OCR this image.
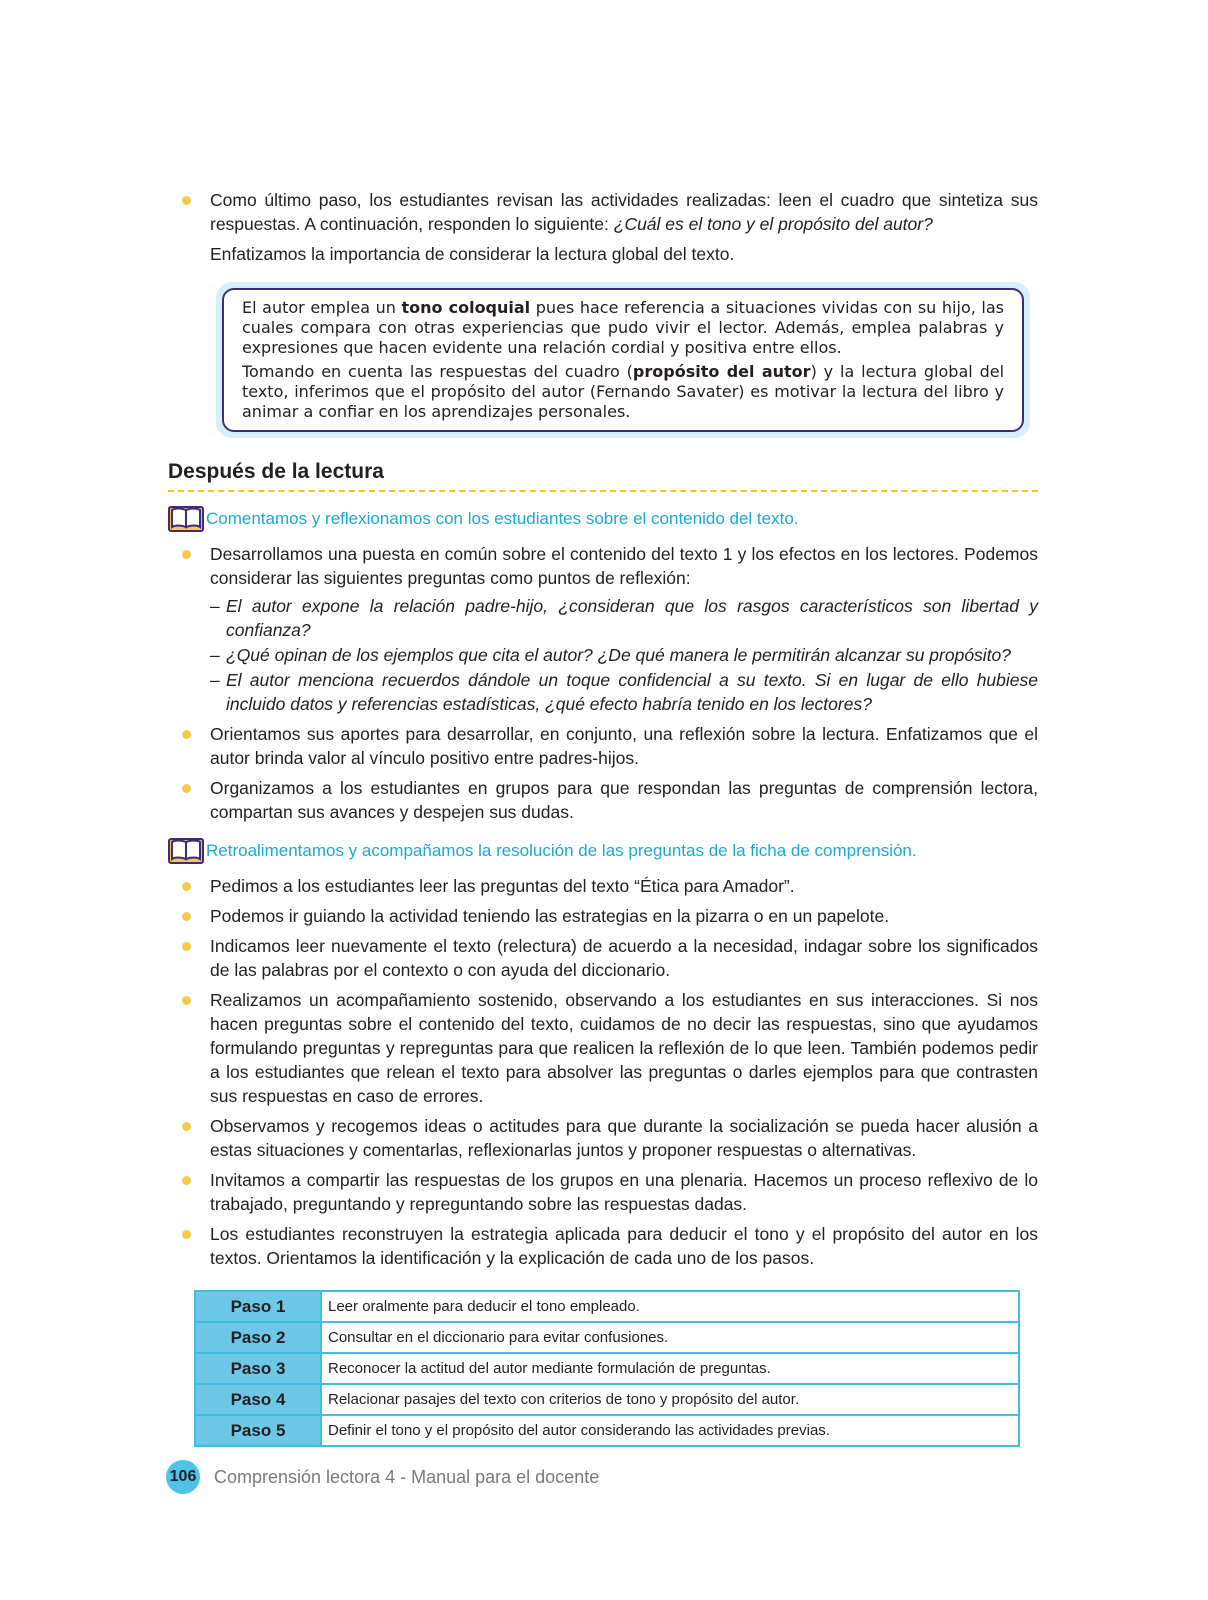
Como último paso, los estudiantes revisan las actividades realizadas: leen el cuadro que sintetiza sus respuestas. A continuación, responden lo siguiente: ¿Cuál es el tono y el propósito del autor?

Enfatizamos la importancia de considerar la lectura global del texto.

El autor emplea un tono coloquial pues hace referencia a situaciones vividas con su hijo, las cuales compara con otras experiencias que pudo vivir el lector. Además, emplea palabras y expresiones que hacen evidente una relación cordial y positiva entre ellos.

Tomando en cuenta las respuestas del cuadro (propósito del autor) y la lectura global del texto, inferimos que el propósito del autor (Fernando Savater) es motivar la lectura del libro y animar a confiar en los aprendizajes personales.

Después de la lectura
Comentamos y reflexionamos con los estudiantes sobre el contenido del texto.
Desarrollamos una puesta en común sobre el contenido del texto 1 y los efectos en los lectores. Podemos considerar las siguientes preguntas como puntos de reflexión:
– El autor expone la relación padre-hijo, ¿consideran que los rasgos característicos son libertad y confianza?
– ¿Qué opinan de los ejemplos que cita el autor? ¿De qué manera le permitirán alcanzar su propósito?
– El autor menciona recuerdos dándole un toque confidencial a su texto. Si en lugar de ello hubiese incluido datos y referencias estadísticas, ¿qué efecto habría tenido en los lectores?
Orientamos sus aportes para desarrollar, en conjunto, una reflexión sobre la lectura. Enfatizamos que el autor brinda valor al vínculo positivo entre padres-hijos.
Organizamos a los estudiantes en grupos para que respondan las preguntas de comprensión lectora, compartan sus avances y despejen sus dudas.
Retroalimentamos y acompañamos la resolución de las preguntas de la ficha de comprensión.
Pedimos a los estudiantes leer las preguntas del texto “Ética para Amador”.
Podemos ir guiando la actividad teniendo las estrategias en la pizarra o en un papelote.
Indicamos leer nuevamente el texto (relectura) de acuerdo a la necesidad, indagar sobre los significados de las palabras por el contexto o con ayuda del diccionario.
Realizamos un acompañamiento sostenido, observando a los estudiantes en sus interacciones. Si nos hacen preguntas sobre el contenido del texto, cuidamos de no decir las respuestas, sino que ayudamos formulando preguntas y repreguntas para que realicen la reflexión de lo que leen. También podemos pedir a los estudiantes que relean el texto para absolver las preguntas o darles ejemplos para que contrasten sus respuestas en caso de errores.
Observamos y recogemos ideas o actitudes para que durante la socialización se pueda hacer alusión a estas situaciones y comentarlas, reflexionarlas juntos y proponer respuestas o alternativas.
Invitamos a compartir las respuestas de los grupos en una plenaria. Hacemos un proceso reflexivo de lo trabajado, preguntando y repreguntando sobre las respuestas dadas.
Los estudiantes reconstruyen la estrategia aplicada para deducir el tono y el propósito del autor en los textos. Orientamos la identificación y la explicación de cada uno de los pasos.
Paso 1	Leer oralmente para deducir el tono empleado.
Paso 2	Consultar en el diccionario para evitar confusiones.
Paso 3	Reconocer la actitud del autor mediante formulación de preguntas.
Paso 4	Relacionar pasajes del texto con criterios de tono y propósito del autor.
Paso 5	Definir el tono y el propósito del autor considerando las actividades previas.
106 Comprensión lectora 4 - Manual para el docente
